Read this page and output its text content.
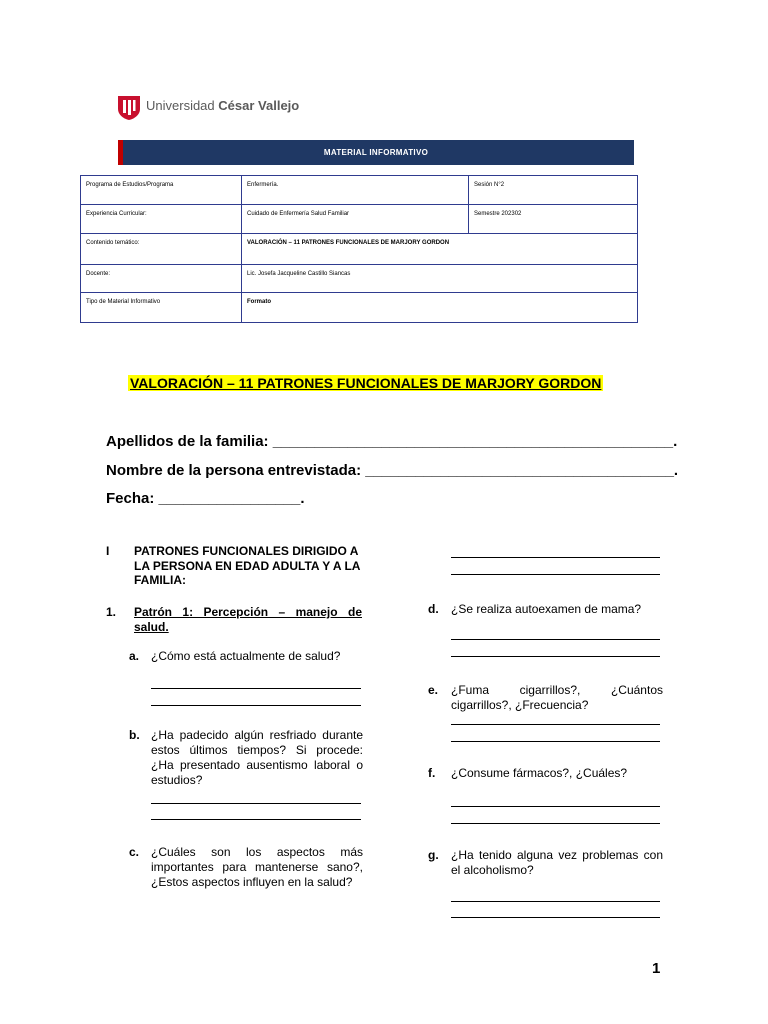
Universidad César Vallejo
MATERIAL INFORMATIVO
Programa de Estudios/Programa	Enfermería.	Sesión N°2
Experiencia Curricular:	Cuidado de Enfermería Salud Familiar	Semestre 202302
Contenido temático:	VALORACIÓN – 11 PATRONES FUNCIONALES DE MARJORY GORDON	
Docente:	Lic. Josefa Jacqueline Castillo Siancas	
Tipo de Material Informativo	Formato	
VALORACIÓN – 11 PATRONES FUNCIONALES DE MARJORY GORDON
Apellidos de la familia: ________________________________________________.
Nombre de la persona entrevistada: _____________________________________.
Fecha: _________________.
I PATRONES FUNCIONALES DIRIGIDO A LA PERSONA EN EDAD ADULTA Y A LA FAMILIA:
1. Patrón 1: Percepción – manejo de salud.
a. ¿Cómo está actualmente de salud?
b. ¿Ha padecido algún resfriado durante estos últimos tiempos? Si procede: ¿Ha presentado ausentismo laboral o estudios?
c. ¿Cuáles son los aspectos más importantes para mantenerse sano?, ¿Estos aspectos influyen en la salud?
d. ¿Se realiza autoexamen de mama?
e. ¿Fuma cigarrillos?, ¿Cuántos cigarrillos?, ¿Frecuencia?
f. ¿Consume fármacos?, ¿Cuáles?
g. ¿Ha tenido alguna vez problemas con el alcoholismo?
1
